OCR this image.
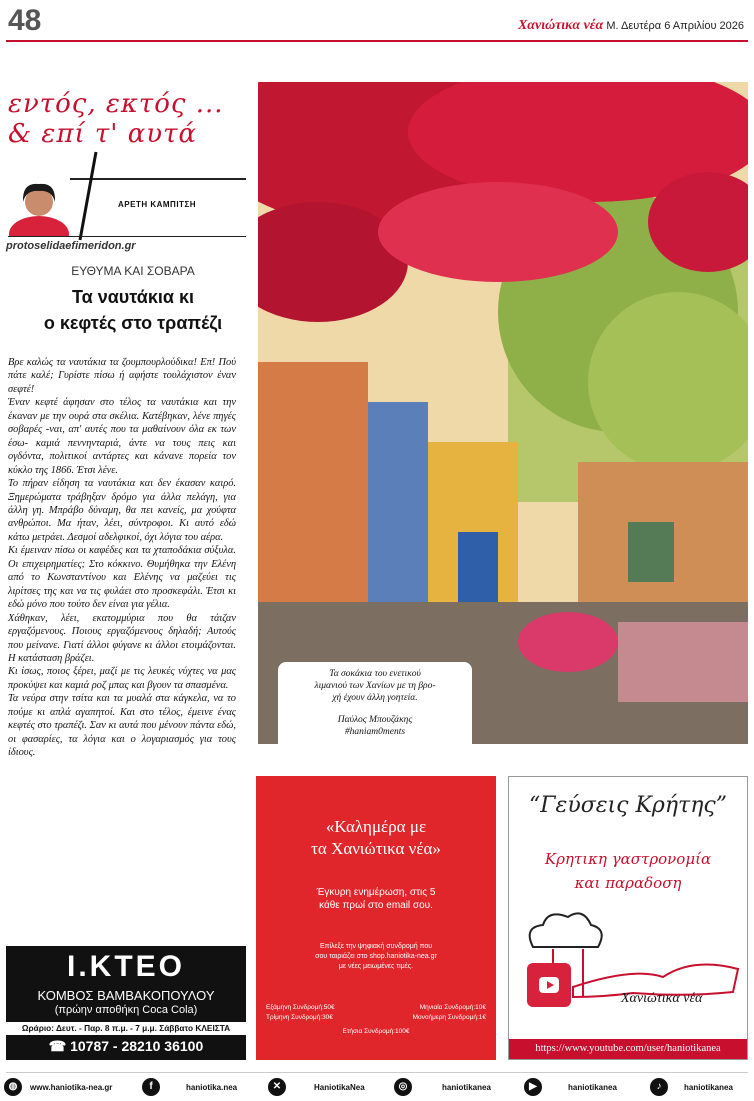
48	Χανιώτικα νέα Μ. Δευτέρα 6 Απριλίου 2026
εντός, εκτός ...
& επί τ' αυτά
ΑΡΕΤΗ ΚΑΜΠΙΤΣΗ
protoselidaefimeridon.gr
ΕΥΘΥΜΑ ΚΑΙ ΣΟΒΑΡΑ
Τα ναυτάκια κι
ο κεφτές στο τραπέζι

Βρε καλώς τα ναυτάκια τα ζουμπουρλούδικα! Επ! Πού πάτε καλέ; Γυρίστε πίσω ή αφήστε τουλάχιστον έναν σεφτέ!

Έναν κεφτέ άφησαν στο τέλος τα ναυτάκια και την έκαναν με την ουρά στα σκέλια. Κατέβηκαν, λένε πηγές σοβαρές -ναι, απ' αυτές που τα μαθαίνουν όλα εκ των έσω- καμιά πεννηνταριά, άντε να τους πεις και ογδόντα, πολιτικοί αντάρτες και κάνανε πορεία τον κύκλο της 1866. Έτσι λένε.

Το πήραν είδηση τα ναυτάκια και δεν έκασαν καιρό. Ξημερώματα τράβηξαν δρόμο για άλλα πελάγη, για άλλη γη. Μπράβο δύναμη, θα πει κανείς, μα χούφτα ανθρώποι. Μα ήταν, λέει, σύντροφοι. Κι αυτό εδώ κάτω μετράει. Δεσμοί αδελφικοί, όχι λόγια του αέρα.

Κι έμειναν πίσω οι καφέδες και τα χταποδάκια σύξυλα. Οι επιχειρηματίες; Στο κόκκινο. Θυμήθηκα την Ελένη από το Κωνσταντίνου και Ελένης να μαζεύει τις λιρίτσες της και να τις φυλάει στο προσκεφάλι. Έτσι κι εδώ μόνο που τούτο δεν είναι για γέλια.

Χάθηκαν, λέει, εκατομμύρια που θα τάιζαν εργαζόμενους. Ποιους εργαζόμενους δηλαδή; Αυτούς που μείνανε. Γιατί άλλοι φύγανε κι άλλοι ετοιμάζονται. Η κατάσταση βράζει.

Κι ίσως, ποιος ξέρει, μαζί με τις λευκές νύχτες να μας προκύψει και καμιά ροζ μπας και βγουν τα σπασμένα.

Τα νεύρα στην τσίτα και τα μυαλά στα κάγκελα, να το πούμε κι απλά αγαπητοί. Και στο τέλος, έμεινε ένας κεφτές στο τραπέζι. Σαν κι αυτά που μένουν πάντα εδώ, οι φασαρίες, τα λόγια και ο λογαριασμός για τους ίδιους.

Τα σοκάκια του ενετικού
λιμανιού των Χανίων με τη βρο-
χή έχουν άλλη γοητεία.
Παύλος Μπουζάκης
#haniam0ments
«Καλημέρα με
τα Χανιώτικα νέα»
Έγκυρη ενημέρωση, στις 5
κάθε πρωί στο email σου.
Επίλεξε την ψηφιακή συνδρομή που
σου ταιριάζει στο shop.haniotika-nea.gr
με νέες μειωμένες τιμές.
Εξάμηνη Συνδρομή:50€	Μηνιαία Συνδρομή:10€
Τρίμηνη Συνδρομή:30€	Μονοήμερη Συνδρομή:1€
Ετήσια Συνδρομή:100€
“Γεύσεις Κρήτης”
Κρητικη γαστρονομία
και παραδοση
Χανιώτικα νέα
https://www.youtube.com/user/haniotikanea
Ι.ΚΤΕΟ
ΚΟΜΒΟΣ ΒΑΜΒΑΚΟΠΟΥΛΟΥ
(πρώην αποθήκη Coca Cola)
Ωράριο: Δευτ. - Παρ. 8 π.μ. - 7 μ.μ. Σάββατο ΚΛΕΙΣΤΑ
☎ 10787 - 28210 36100
◍	www.haniotika-nea.gr	f	haniotika.nea	✕	HaniotikaNea	◎	haniotikanea	▶	haniotikanea	♪	haniotikanea
